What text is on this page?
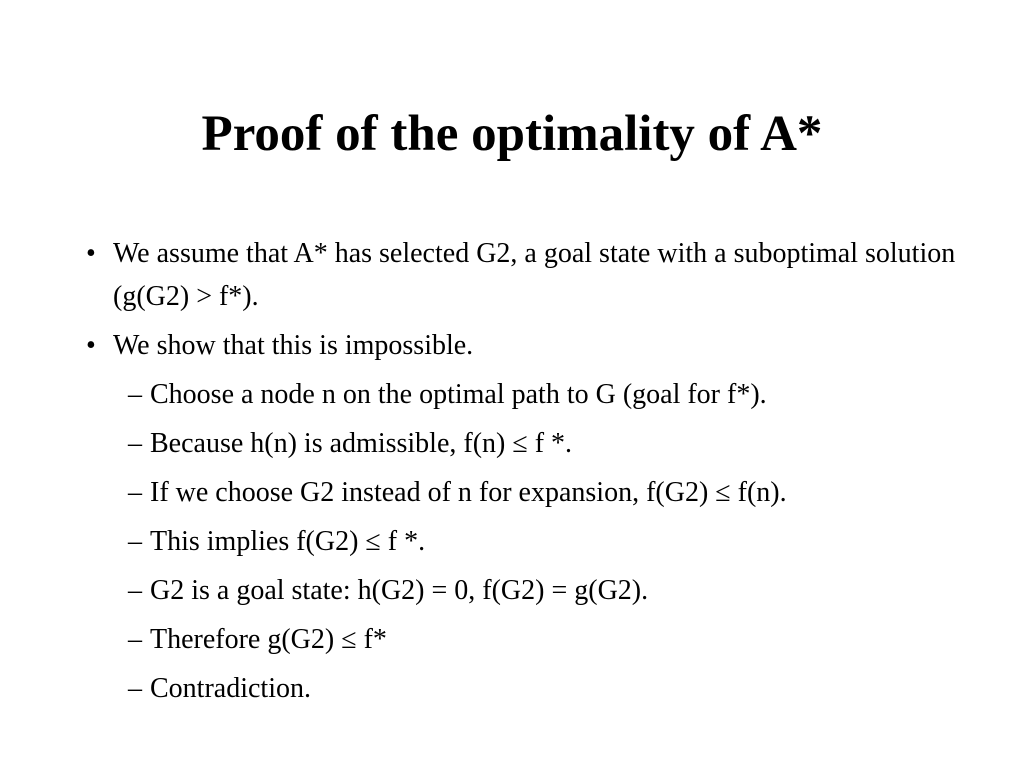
Proof of the optimality of A*
• We assume that A* has selected G2, a goal state with a suboptimal solution (g(G2) > f*).
• We show that this is impossible.
– Choose a node n on the optimal path to G (goal for f*).
– Because h(n) is admissible, f(n) ≤ f *.
– If we choose G2 instead of n for expansion, f(G2) ≤ f(n).
– This implies f(G2) ≤ f *.
– G2 is a goal state: h(G2) = 0, f(G2) = g(G2).
– Therefore g(G2) ≤ f*
– Contradiction.
